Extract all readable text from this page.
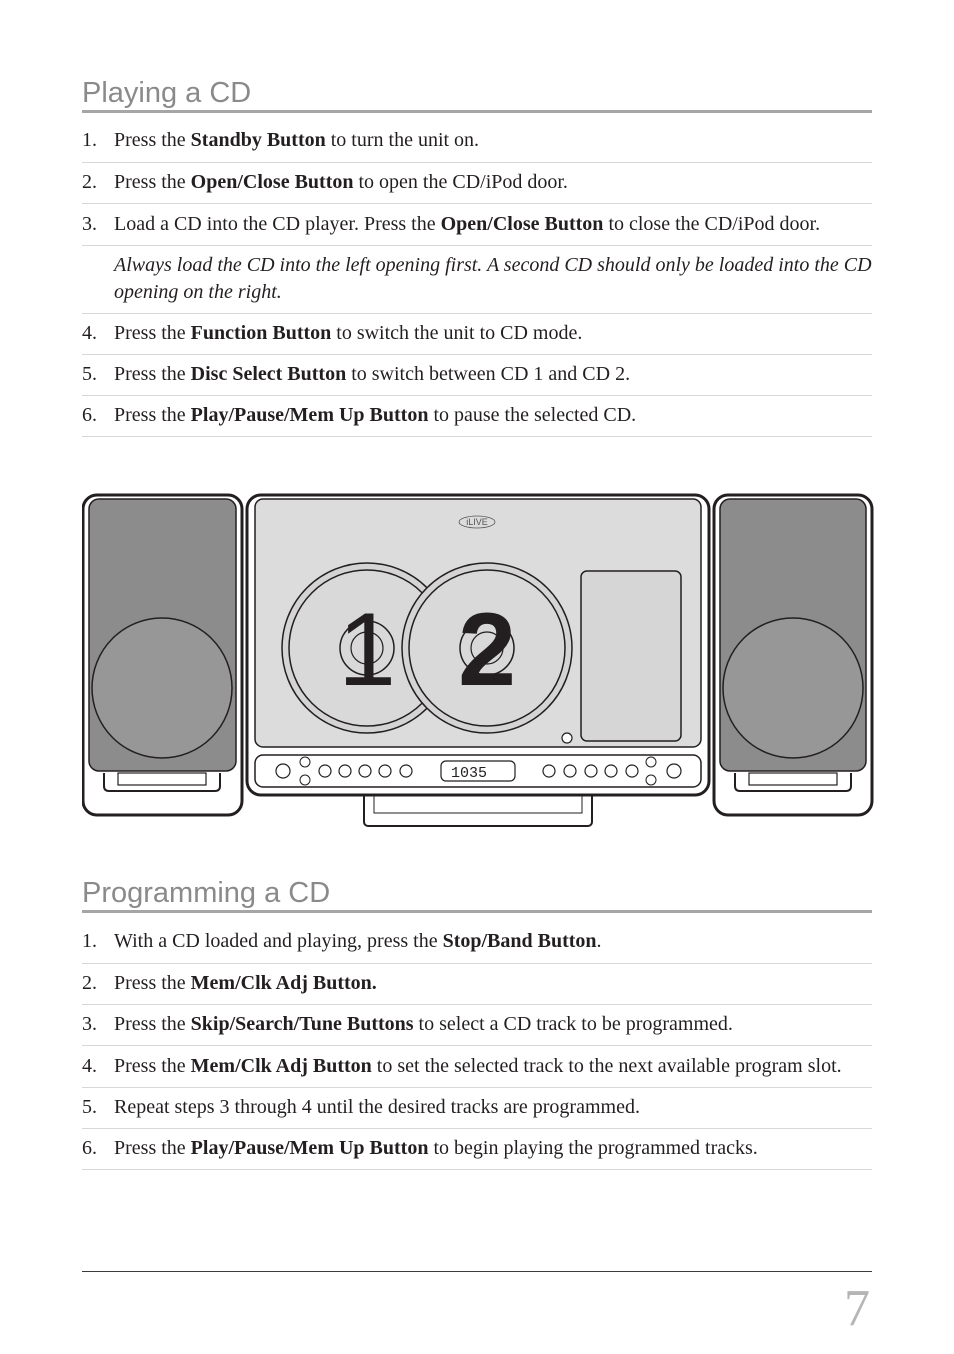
Playing a CD
1. Press the Standby Button to turn the unit on.
2. Press the Open/Close Button to open the CD/iPod door.
3. Load a CD into the CD player. Press the Open/Close Button to close the CD/iPod door.
Always load the CD into the left opening first. A second CD should only be loaded into the CD opening on the right.
4. Press the Function Button to switch the unit to CD mode.
5. Press the Disc Select Button to switch between CD 1 and CD 2.
6. Press the Play/Pause/Mem Up Button to pause the selected CD.
iLIVE
1 2
1035
Programming a CD
1. With a CD loaded and playing, press the Stop/Band Button.
2. Press the Mem/Clk Adj Button.
3. Press the Skip/Search/Tune Buttons to select a CD track to be programmed.
4. Press the Mem/Clk Adj Button to set the selected track to the next available program slot.
5. Repeat steps 3 through 4 until the desired tracks are programmed.
6. Press the Play/Pause/Mem Up Button to begin playing the programmed tracks.
7
